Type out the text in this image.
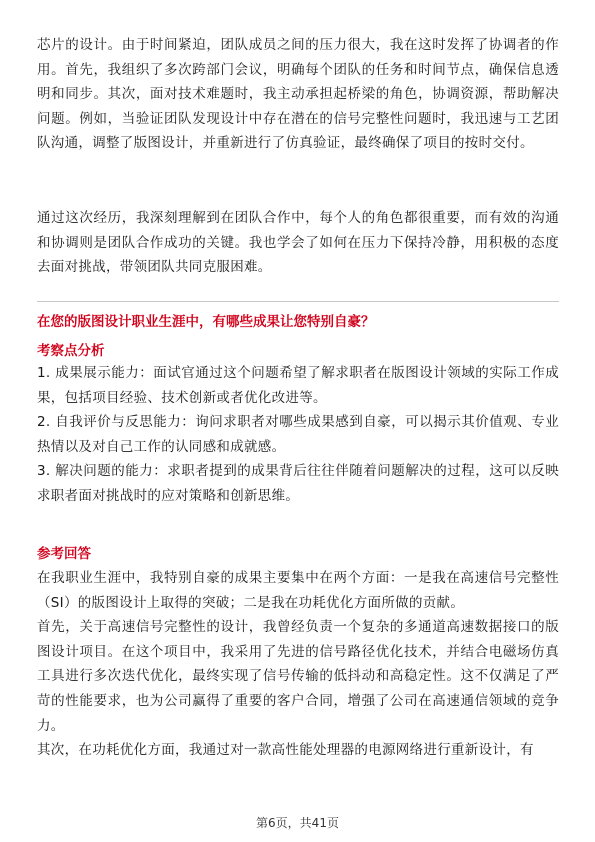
芯片的设计。由于时间紧迫，团队成员之间的压力很大，我在这时发挥了协调者的作用。首先，我组织了多次跨部门会议，明确每个团队的任务和时间节点，确保信息透明和同步。其次，面对技术难题时，我主动承担起桥梁的角色，协调资源，帮助解决问题。例如，当验证团队发现设计中存在潜在的信号完整性问题时，我迅速与工艺团队沟通，调整了版图设计，并重新进行了仿真验证，最终确保了项目的按时交付。

通过这次经历，我深刻理解到在团队合作中，每个人的角色都很重要，而有效的沟通和协调则是团队合作成功的关键。我也学会了如何在压力下保持冷静，用积极的态度去面对挑战，带领团队共同克服困难。

在您的版图设计职业生涯中，有哪些成果让您特别自豪？
考察点分析

1. 成果展示能力：面试官通过这个问题希望了解求职者在版图设计领域的实际工作成果，包括项目经验、技术创新或者优化改进等。

2. 自我评价与反思能力：询问求职者对哪些成果感到自豪，可以揭示其价值观、专业热情以及对自己工作的认同感和成就感。

3. 解决问题的能力：求职者提到的成果背后往往伴随着问题解决的过程，这可以反映求职者面对挑战时的应对策略和创新思维。

参考回答

在我职业生涯中，我特别自豪的成果主要集中在两个方面：一是我在高速信号完整性（SI）的版图设计上取得的突破；二是我在功耗优化方面所做的贡献。

首先，关于高速信号完整性的设计，我曾经负责一个复杂的多通道高速数据接口的版图设计项目。在这个项目中，我采用了先进的信号路径优化技术，并结合电磁场仿真工具进行多次迭代优化，最终实现了信号传输的低抖动和高稳定性。这不仅满足了严苛的性能要求，也为公司赢得了重要的客户合同，增强了公司在高速通信领域的竞争力。

其次，在功耗优化方面，我通过对一款高性能处理器的电源网络进行重新设计，有

第6页，共41页
